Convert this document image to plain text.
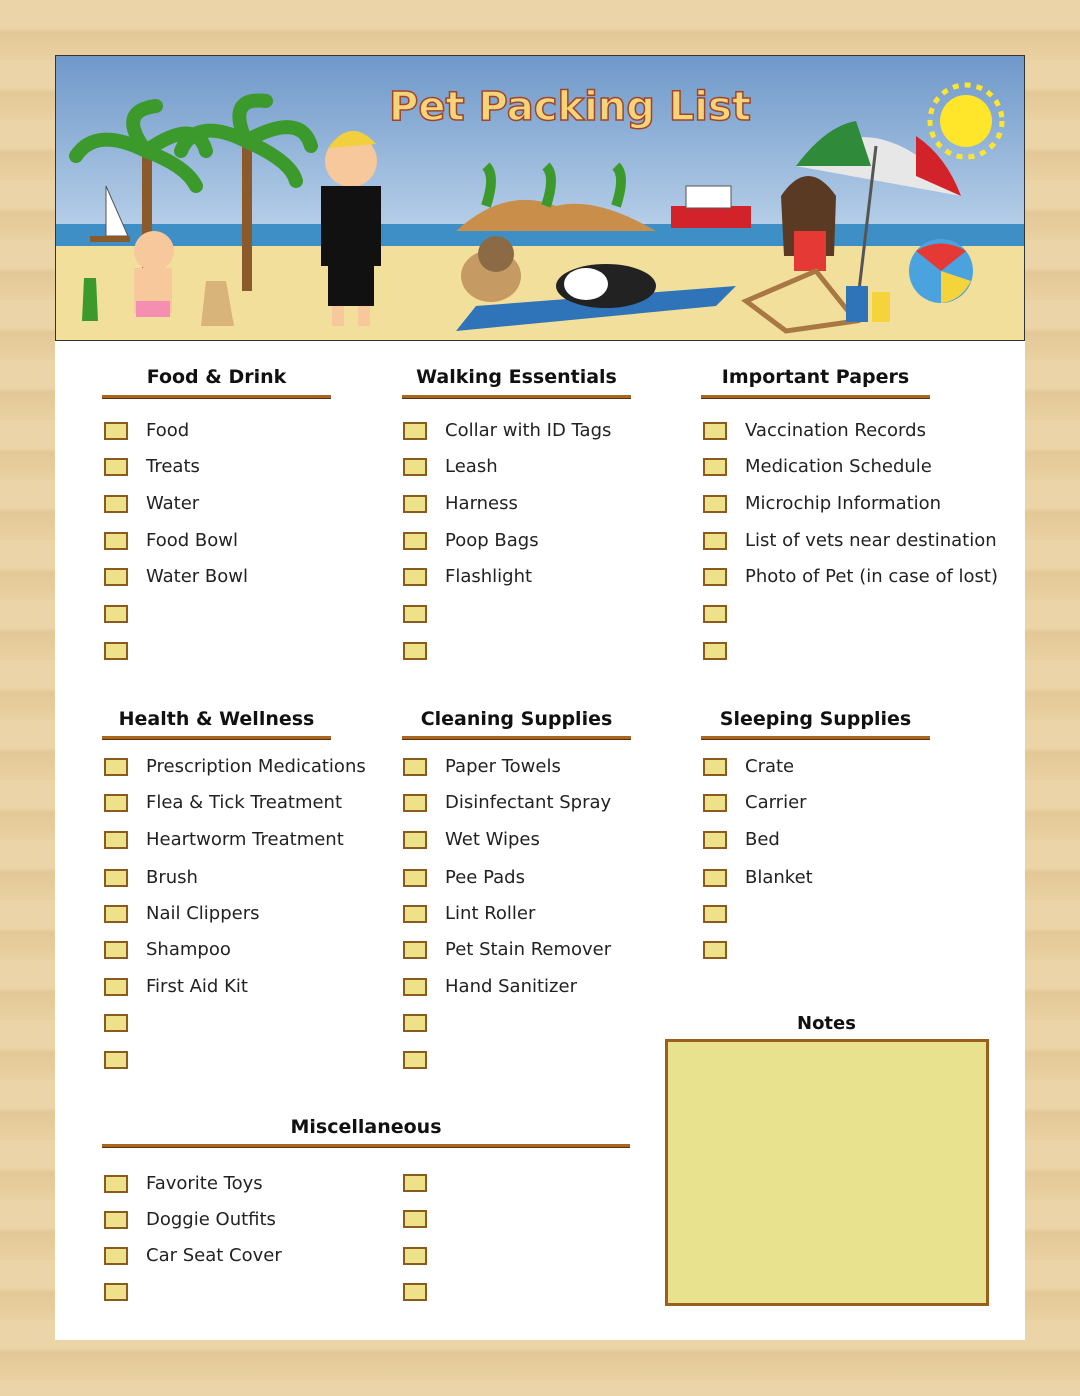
Pet Packing List
Food & Drink	Walking Essentials	Important Papers
Health & Wellness	Cleaning Supplies	Sleeping Supplies
Miscellaneous
Notes
Food
Treats
Water
Food Bowl
Water Bowl
Collar with ID Tags
Leash
Harness
Poop Bags
Flashlight
Vaccination Records
Medication Schedule
Microchip Information
List of vets near destination
Photo of Pet (in case of lost)
Prescription Medications
Flea & Tick Treatment
Heartworm Treatment
Brush
Nail Clippers
Shampoo
First Aid Kit
Paper Towels
Disinfectant Spray
Wet Wipes
Pee Pads
Lint Roller
Pet Stain Remover
Hand Sanitizer
Crate
Carrier
Bed
Blanket
Favorite Toys
Doggie Outfits
Car Seat Cover
